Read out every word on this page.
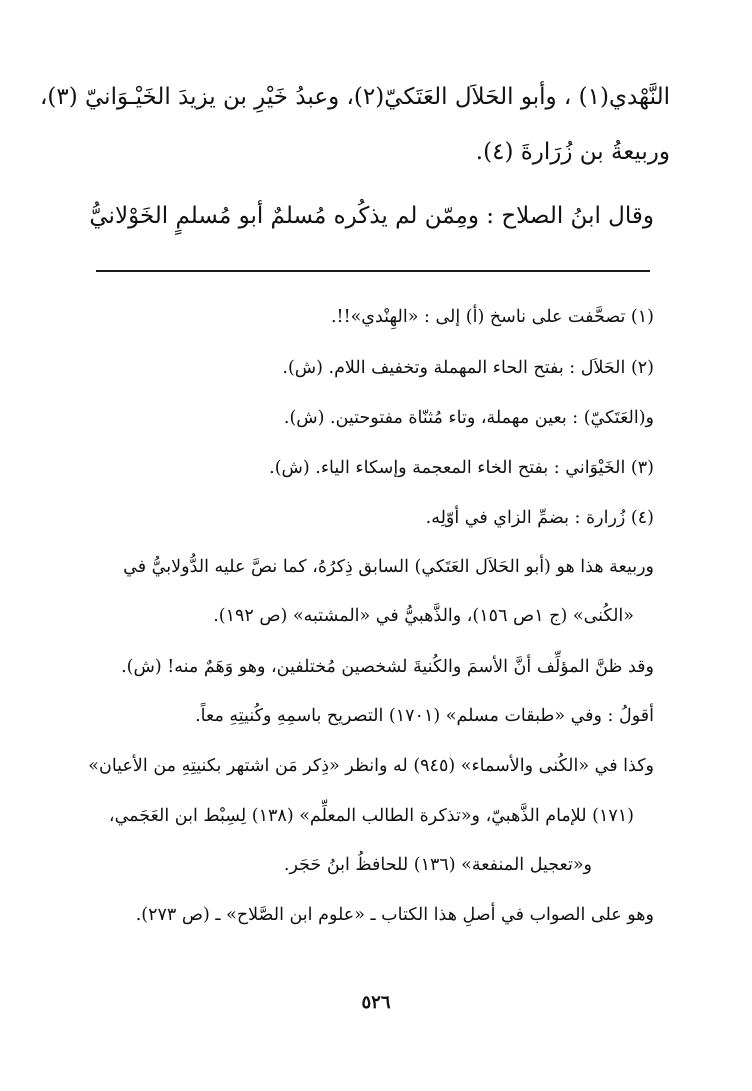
النَّهْدي(١) ، وأبو الحَلاَل العَتَكيّ(٢)، وعبدُ خَيْرِ بن يزيدَ الخَيْـوَانيّ (٣)،
وربيعةُ بن زُرَارةَ (٤).
وقال ابنُ الصلاح : ومِمّن لم يذكُره مُسلمٌ أبو مُسلمٍ الخَوْلانيُّ
(١) تصحَّفت على ناسخ (أ) إلى : «الهِنْدي»!!.
(٢) الحَلاَل : بفتح الحاء المهملة وتخفيف اللام. (ش).
و(العَتَكيّ) : بعين مهملة، وتاء مُثنّاة مفتوحتين. (ش).
(٣) الخَيْوَاني : بفتح الخاء المعجمة وإسكاء الياء. (ش).
(٤) زُرارة : بضمِّ الزاي في أوّلِه.
وربيعة هذا هو (أبو الحَلاَل العَتَكي) السابق ذِكرُهُ، كما نصَّ عليه الدُّولابيُّ في
«الكُنى» (ج ١ص ١٥٦)، والذَّهبيُّ في «المشتبه» (ص ١٩٢).
وقد ظنَّ المؤلِّف أنَّ الأسمَ والكُنيةَ لشخصين مُختلفين، وهو وَهَمٌ منه! (ش).
أقولُ : وفي «طبقات مسلم» (١٧٠١) التصريح باسمِهِ وكُنيتِهِ معاً.
وكذا في «الكُنى والأسماء» (٩٤٥) له وانظر «ذِكر مَن اشتهر بكنيتِهِ من الأعيان»
(١٧١) للإمام الذَّهبيّ، و«تذكرة الطالب المعلِّم» (١٣٨) لِسِبْط ابن العَجَمي،
و«تعجيل المنفعة» (١٣٦) للحافظُ ابنُ حَجَر.
وهو على الصواب في أصلِ هذا الكتاب ـ «علوم ابن الصَّلاح» ـ (ص ٢٧٣).
٥٢٦
